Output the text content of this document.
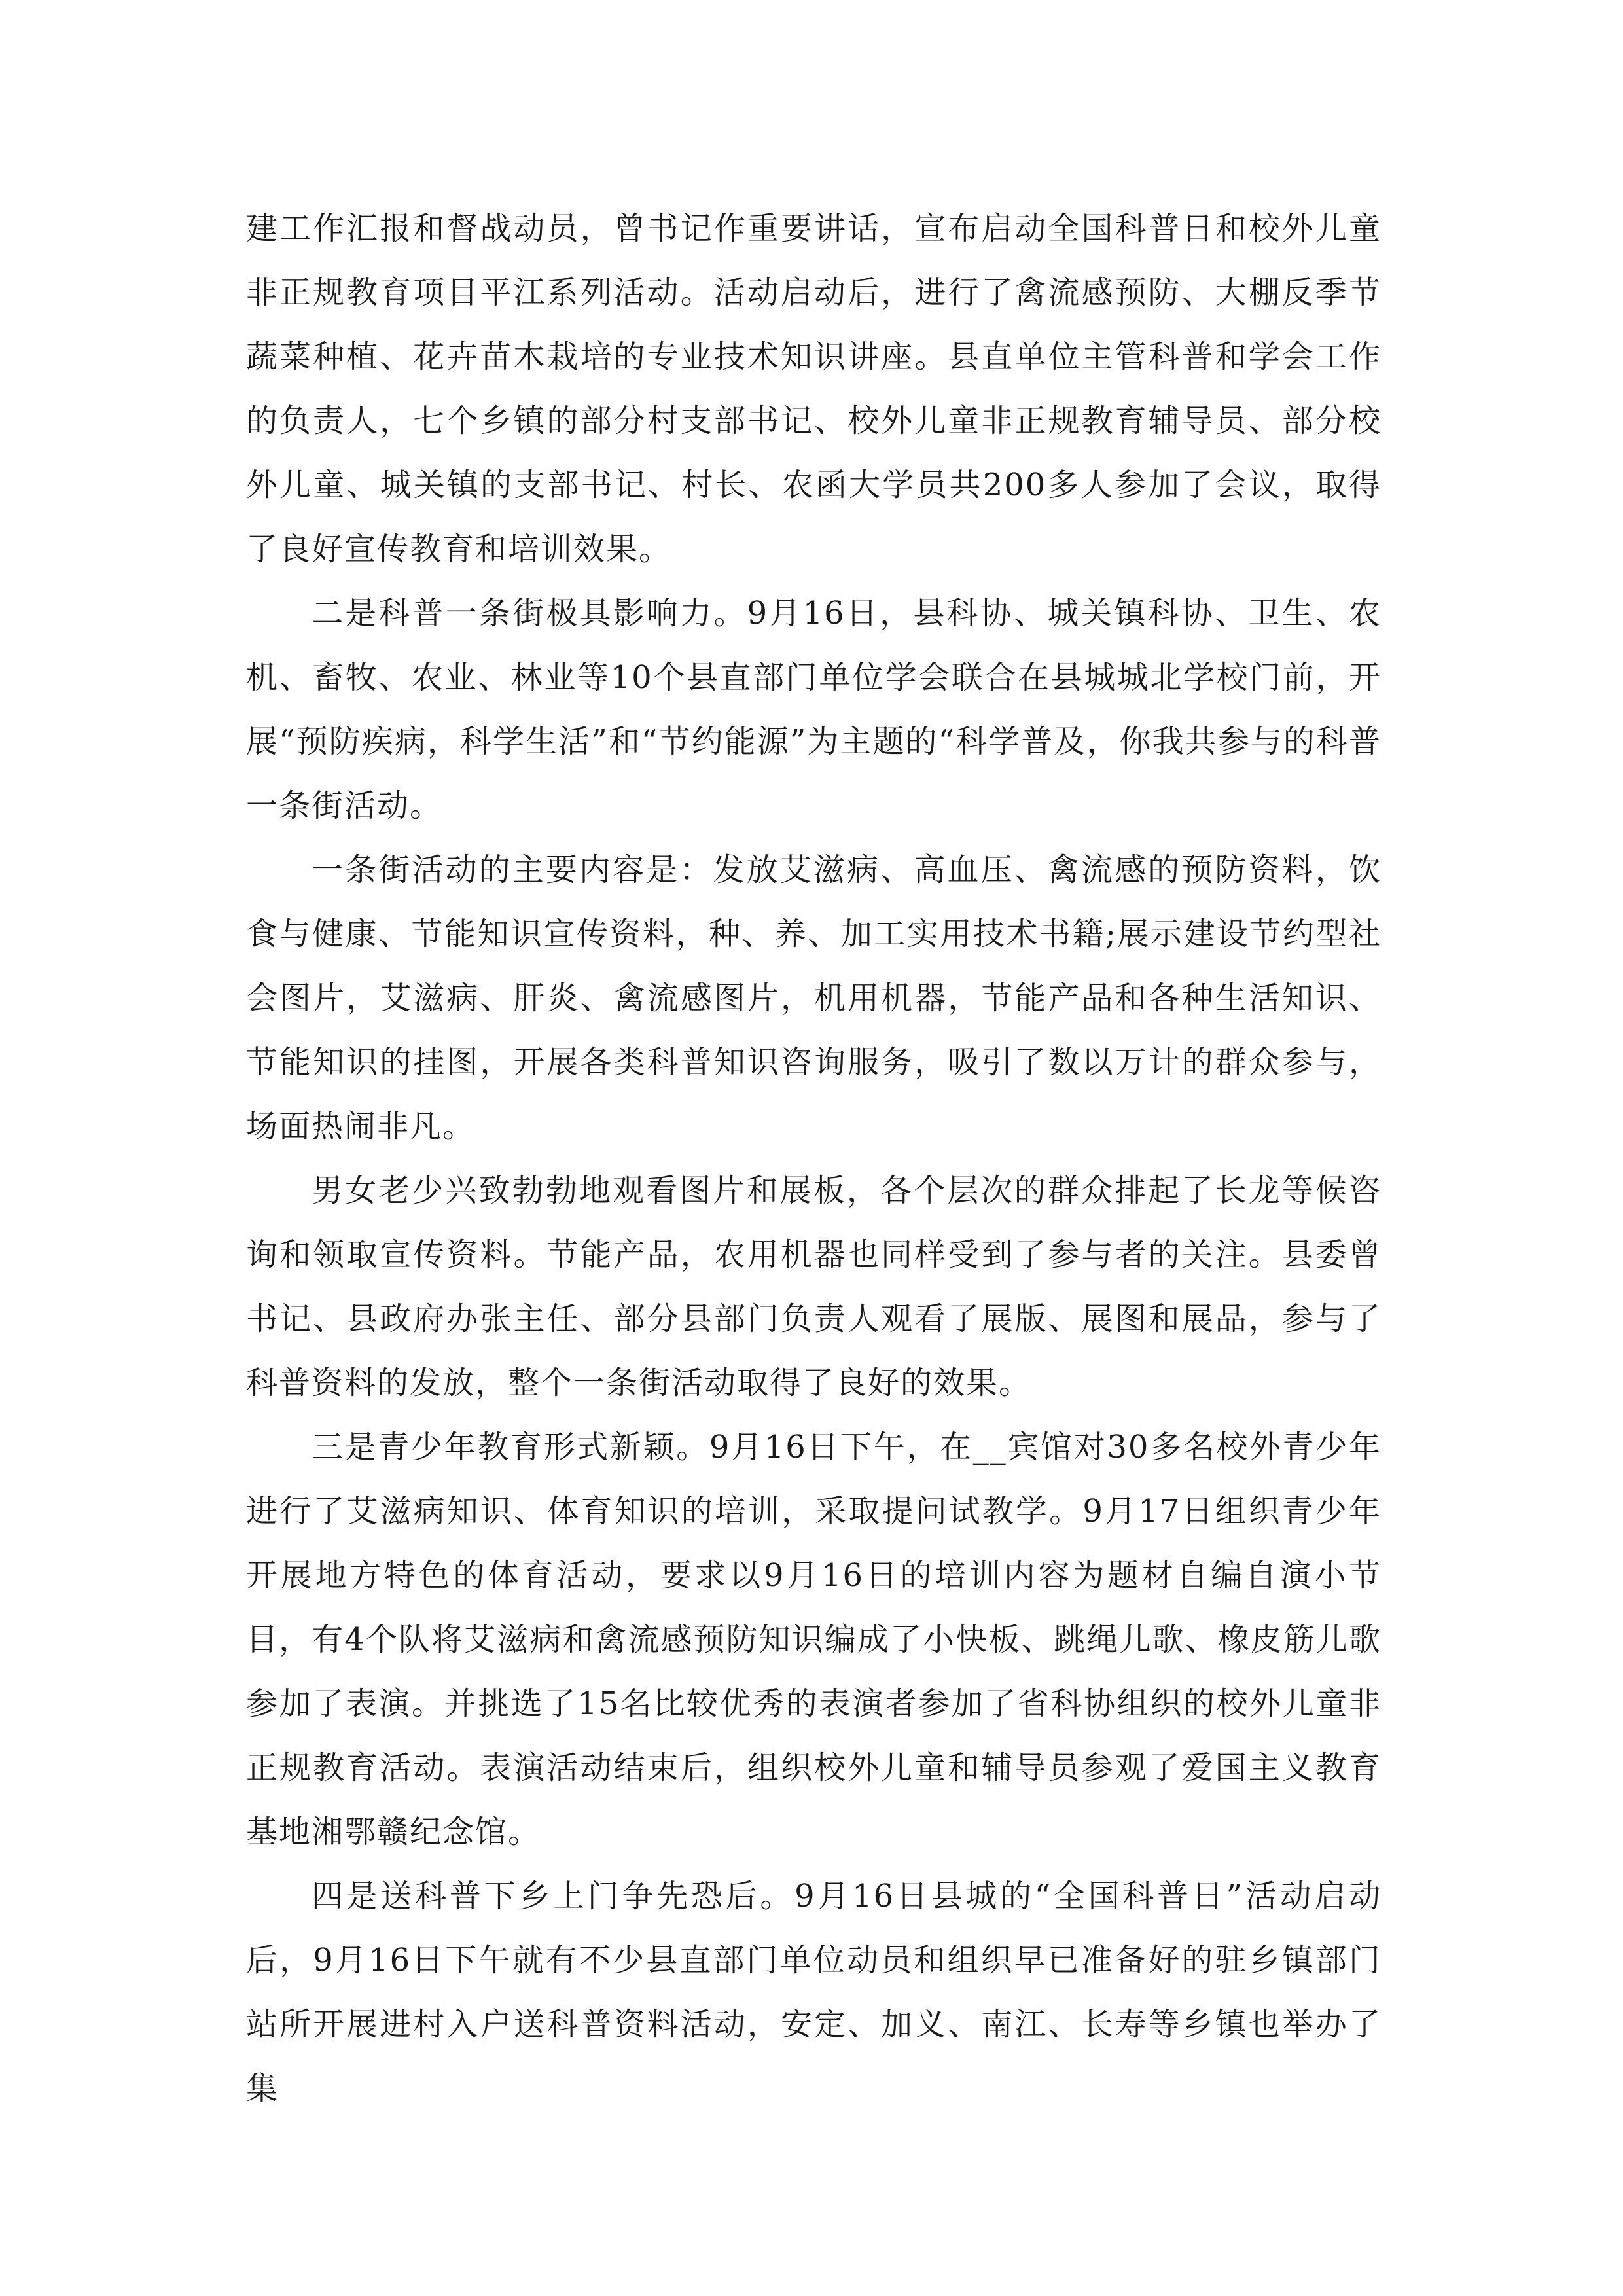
建工作汇报和督战动员，曾书记作重要讲话，宣布启动全国科普日和校外儿童非正规教育项目平江系列活动。活动启动后，进行了禽流感预防、大棚反季节蔬菜种植、花卉苗木栽培的专业技术知识讲座。县直单位主管科普和学会工作的负责人，七个乡镇的部分村支部书记、校外儿童非正规教育辅导员、部分校外儿童、城关镇的支部书记、村长、农函大学员共200多人参加了会议，取得了良好宣传教育和培训效果。

二是科普一条街极具影响力。9月16日，县科协、城关镇科协、卫生、农机、畜牧、农业、林业等10个县直部门单位学会联合在县城城北学校门前，开展“预防疾病，科学生活”和“节约能源”为主题的“科学普及，你我共参与的科普一条街活动。

一条街活动的主要内容是：发放艾滋病、高血压、禽流感的预防资料，饮食与健康、节能知识宣传资料，种、养、加工实用技术书籍;展示建设节约型社会图片，艾滋病、肝炎、禽流感图片，机用机器，节能产品和各种生活知识、节能知识的挂图，开展各类科普知识咨询服务，吸引了数以万计的群众参与，场面热闹非凡。

男女老少兴致勃勃地观看图片和展板，各个层次的群众排起了长龙等候咨询和领取宣传资料。节能产品，农用机器也同样受到了参与者的关注。县委曾书记、县政府办张主任、部分县部门负责人观看了展版、展图和展品，参与了科普资料的发放，整个一条街活动取得了良好的效果。

三是青少年教育形式新颖。9月16日下午，在__宾馆对30多名校外青少年进行了艾滋病知识、体育知识的培训，采取提问试教学。9月17日组织青少年开展地方特色的体育活动，要求以9月16日的培训内容为题材自编自演小节目，有4个队将艾滋病和禽流感预防知识编成了小快板、跳绳儿歌、橡皮筋儿歌参加了表演。并挑选了15名比较优秀的表演者参加了省科协组织的校外儿童非正规教育活动。表演活动结束后，组织校外儿童和辅导员参观了爱国主义教育基地湘鄂赣纪念馆。

四是送科普下乡上门争先恐后。9月16日县城的“全国科普日”活动启动后，9月16日下午就有不少县直部门单位动员和组织早已准备好的驻乡镇部门站所开展进村入户送科普资料活动，安定、加义、南江、长寿等乡镇也举办了集
